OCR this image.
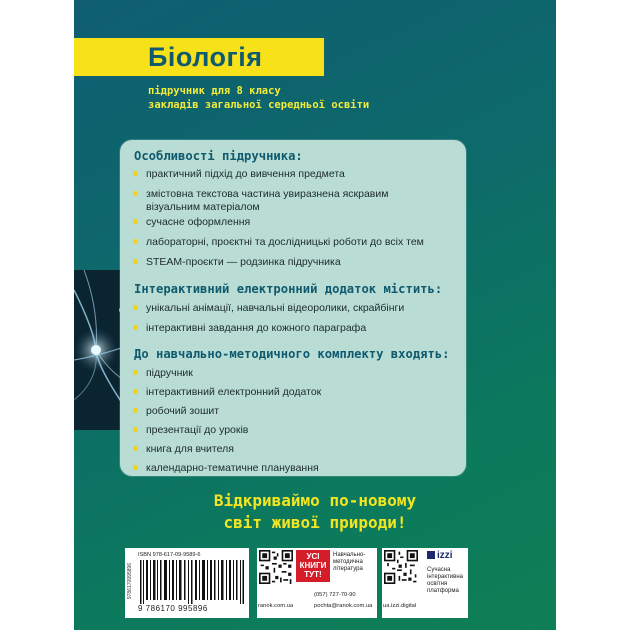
Біологія
підручник для 8 класу
закладів загальної середньої освіти
Особливості підручника:
практичний підхід до вивчення предмета
змістовна текстова частина увиразнена яскравим
візуальним матеріалом
сучасне оформлення
лабораторні, проєктні та дослідницькі роботи до всіх тем
STEAM-проєкти — родзинка підручника
Інтерактивний електронний додаток містить:
унікальні анімації, навчальні відеоролики, скрайбінги
інтерактивні завдання до кожного параграфа
До навчально-методичного комплекту входять:
підручник
інтерактивний електронний додаток
робочий зошит
презентації до уроків
книга для вчителя
календарно-тематичне планування
Відкриваймо по-новому
світ живої природи!
ISBN 978-617-09-9589-6
9786170995896
9 786170 995896	ranok.com.ua
УСІ
КНИГИ
ТУТ!
Навчально-
методична
література
(057) 727-70-90
pochta@ranok.com.ua ua.izzi.digital
izzi
Сучасна
інтерактивна
освітня
платформа
